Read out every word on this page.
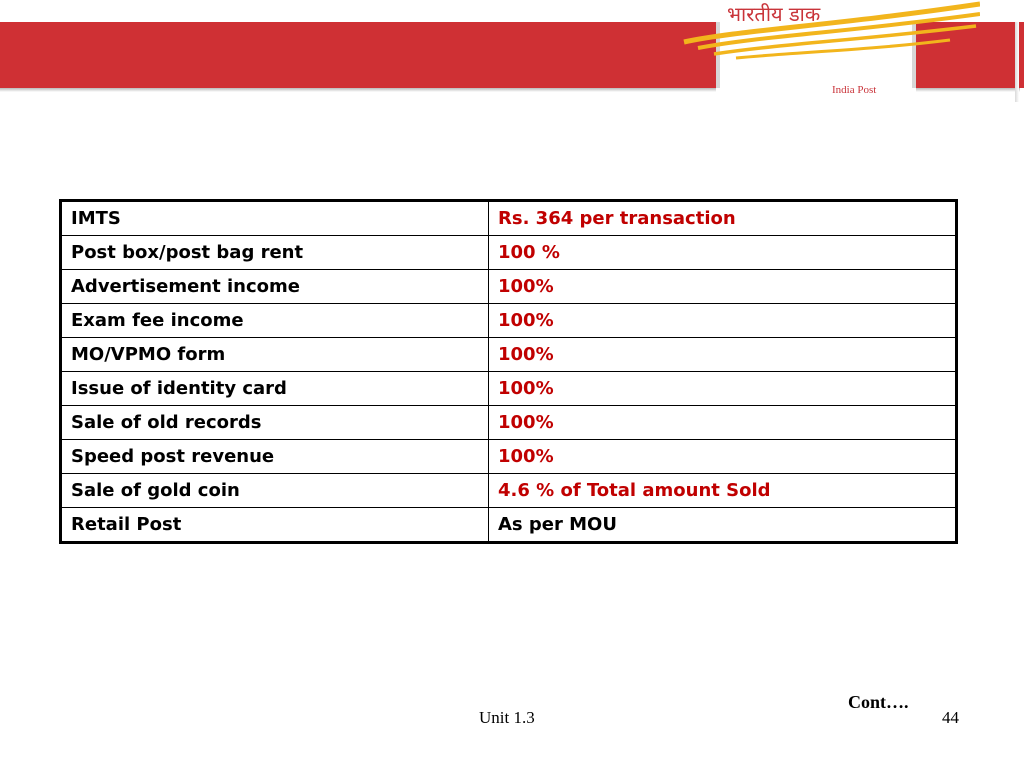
भारतीय डाक
India Post
IMTS	Rs. 364 per transaction
Post box/post bag rent	100 %
Advertisement income	100%
Exam fee income	100%
MO/VPMO form	100%
Issue of identity card	100%
Sale of old records	100%
Speed post revenue	100%
Sale of gold coin	4.6 % of Total amount Sold
Retail Post	As per MOU
Cont….
Unit 1.3	44
